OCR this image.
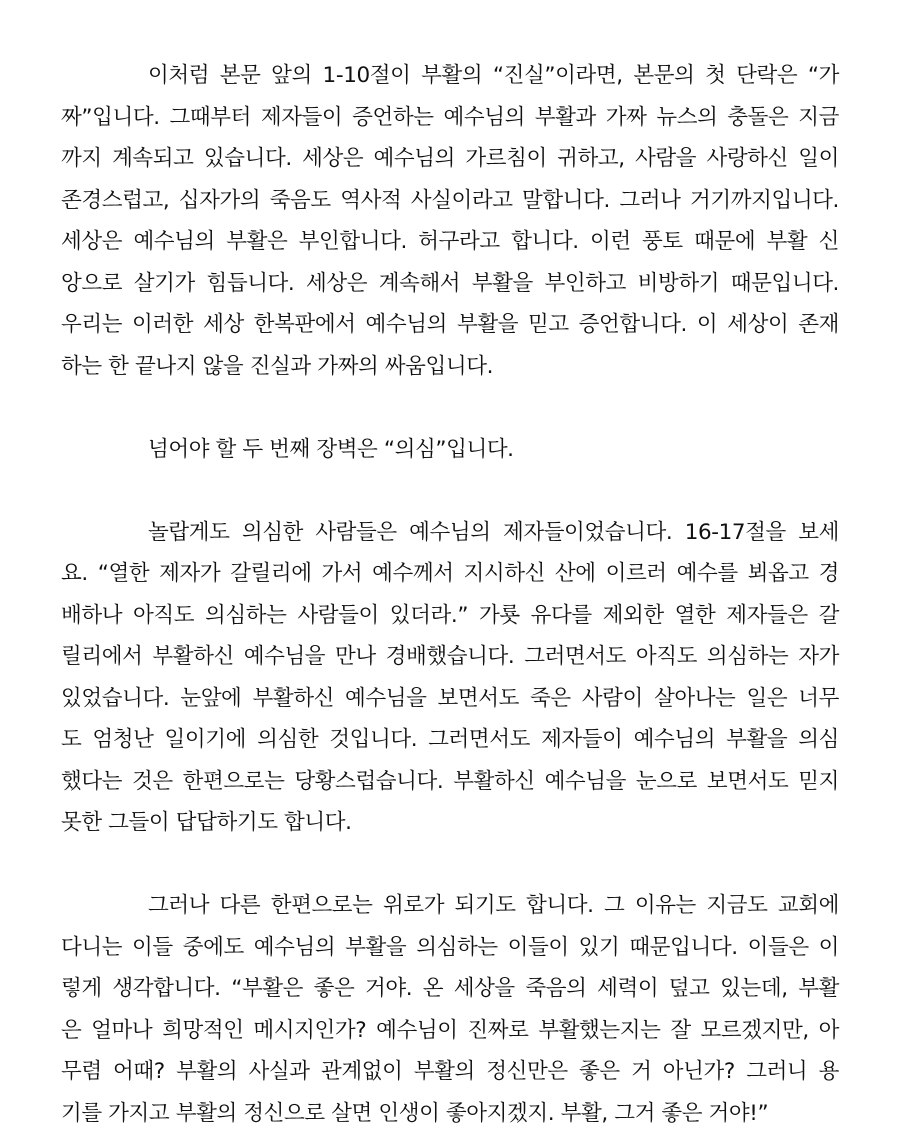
이처럼 본문 앞의 1-10절이 부활의 “진실”이라면, 본문의 첫 단락은 “가
짜”입니다. 그때부터 제자들이 증언하는 예수님의 부활과 가짜 뉴스의 충돌은 지금
까지 계속되고 있습니다. 세상은 예수님의 가르침이 귀하고, 사람을 사랑하신 일이
존경스럽고, 십자가의 죽음도 역사적 사실이라고 말합니다. 그러나 거기까지입니다.
세상은 예수님의 부활은 부인합니다. 허구라고 합니다. 이런 풍토 때문에 부활 신
앙으로 살기가 힘듭니다. 세상은 계속해서 부활을 부인하고 비방하기 때문입니다.
우리는 이러한 세상 한복판에서 예수님의 부활을 믿고 증언합니다. 이 세상이 존재
하는 한 끝나지 않을 진실과 가짜의 싸움입니다.
넘어야 할 두 번째 장벽은 “의심”입니다.
놀랍게도 의심한 사람들은 예수님의 제자들이었습니다. 16-17절을 보세
요. “열한 제자가 갈릴리에 가서 예수께서 지시하신 산에 이르러 예수를 뵈옵고 경
배하나 아직도 의심하는 사람들이 있더라.” 가룟 유다를 제외한 열한 제자들은 갈
릴리에서 부활하신 예수님을 만나 경배했습니다. 그러면서도 아직도 의심하는 자가
있었습니다. 눈앞에 부활하신 예수님을 보면서도 죽은 사람이 살아나는 일은 너무
도 엄청난 일이기에 의심한 것입니다. 그러면서도 제자들이 예수님의 부활을 의심
했다는 것은 한편으로는 당황스럽습니다. 부활하신 예수님을 눈으로 보면서도 믿지
못한 그들이 답답하기도 합니다.
그러나 다른 한편으로는 위로가 되기도 합니다. 그 이유는 지금도 교회에
다니는 이들 중에도 예수님의 부활을 의심하는 이들이 있기 때문입니다. 이들은 이
렇게 생각합니다. “부활은 좋은 거야. 온 세상을 죽음의 세력이 덮고 있는데, 부활
은 얼마나 희망적인 메시지인가? 예수님이 진짜로 부활했는지는 잘 모르겠지만, 아
무렴 어때? 부활의 사실과 관계없이 부활의 정신만은 좋은 거 아닌가? 그러니 용
기를 가지고 부활의 정신으로 살면 인생이 좋아지겠지. 부활, 그거 좋은 거야!”
